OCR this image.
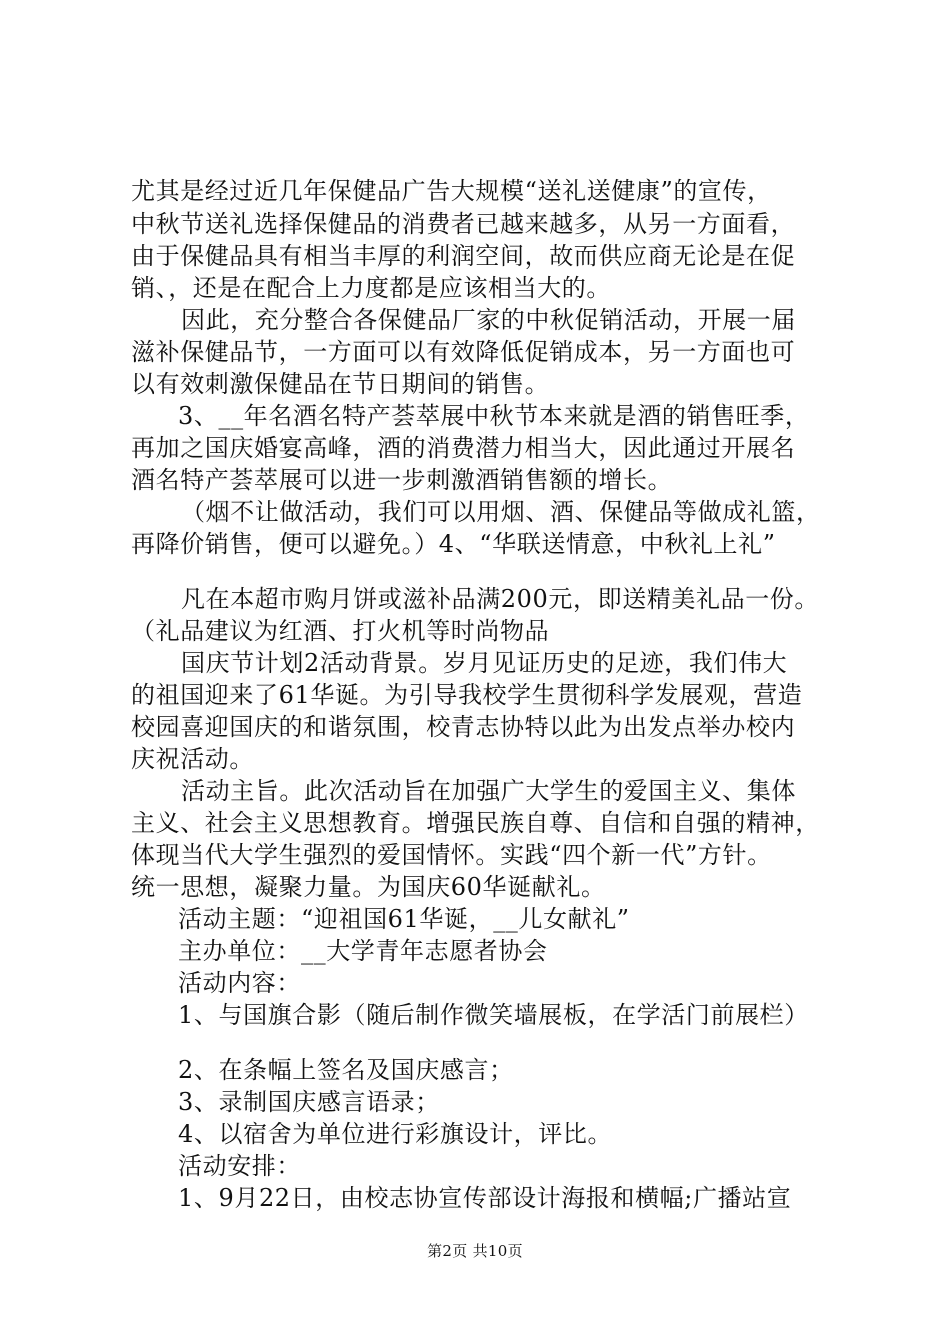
尤其是经过近几年保健品广告大规模“送礼送健康”的宣传，
中秋节送礼选择保健品的消费者已越来越多，从另一方面看，
由于保健品具有相当丰厚的利润空间，故而供应商无论是在促
销、，还是在配合上力度都是应该相当大的。
因此，充分整合各保健品厂家的中秋促销活动，开展一届
滋补保健品节，一方面可以有效降低促销成本，另一方面也可
以有效刺激保健品在节日期间的销售。
3、__年名酒名特产荟萃展中秋节本来就是酒的销售旺季，
再加之国庆婚宴高峰，酒的消费潜力相当大，因此通过开展名
酒名特产荟萃展可以进一步刺激酒销售额的增长。
（烟不让做活动，我们可以用烟、酒、保健品等做成礼篮，
再降价销售，便可以避免。）4、“华联送情意，中秋礼上礼”
凡在本超市购月饼或滋补品满200元，即送精美礼品一份。
（礼品建议为红酒、打火机等时尚物品
国庆节计划2活动背景。岁月见证历史的足迹，我们伟大
的祖国迎来了61华诞。为引导我校学生贯彻科学发展观，营造
校园喜迎国庆的和谐氛围，校青志协特以此为出发点举办校内
庆祝活动。
活动主旨。此次活动旨在加强广大学生的爱国主义、集体
主义、社会主义思想教育。增强民族自尊、自信和自强的精神，
体现当代大学生强烈的爱国情怀。实践“四个新一代”方针。
统一思想，凝聚力量。为国庆60华诞献礼。
活动主题：“迎祖国61华诞，__儿女献礼”
主办单位：__大学青年志愿者协会
活动内容：
1、与国旗合影（随后制作微笑墙展板，在学活门前展栏）
2、在条幅上签名及国庆感言；
3、录制国庆感言语录；
4、以宿舍为单位进行彩旗设计，评比。
活动安排：
1、9月22日，由校志协宣传部设计海报和横幅;广播站宣
第2页 共10页
